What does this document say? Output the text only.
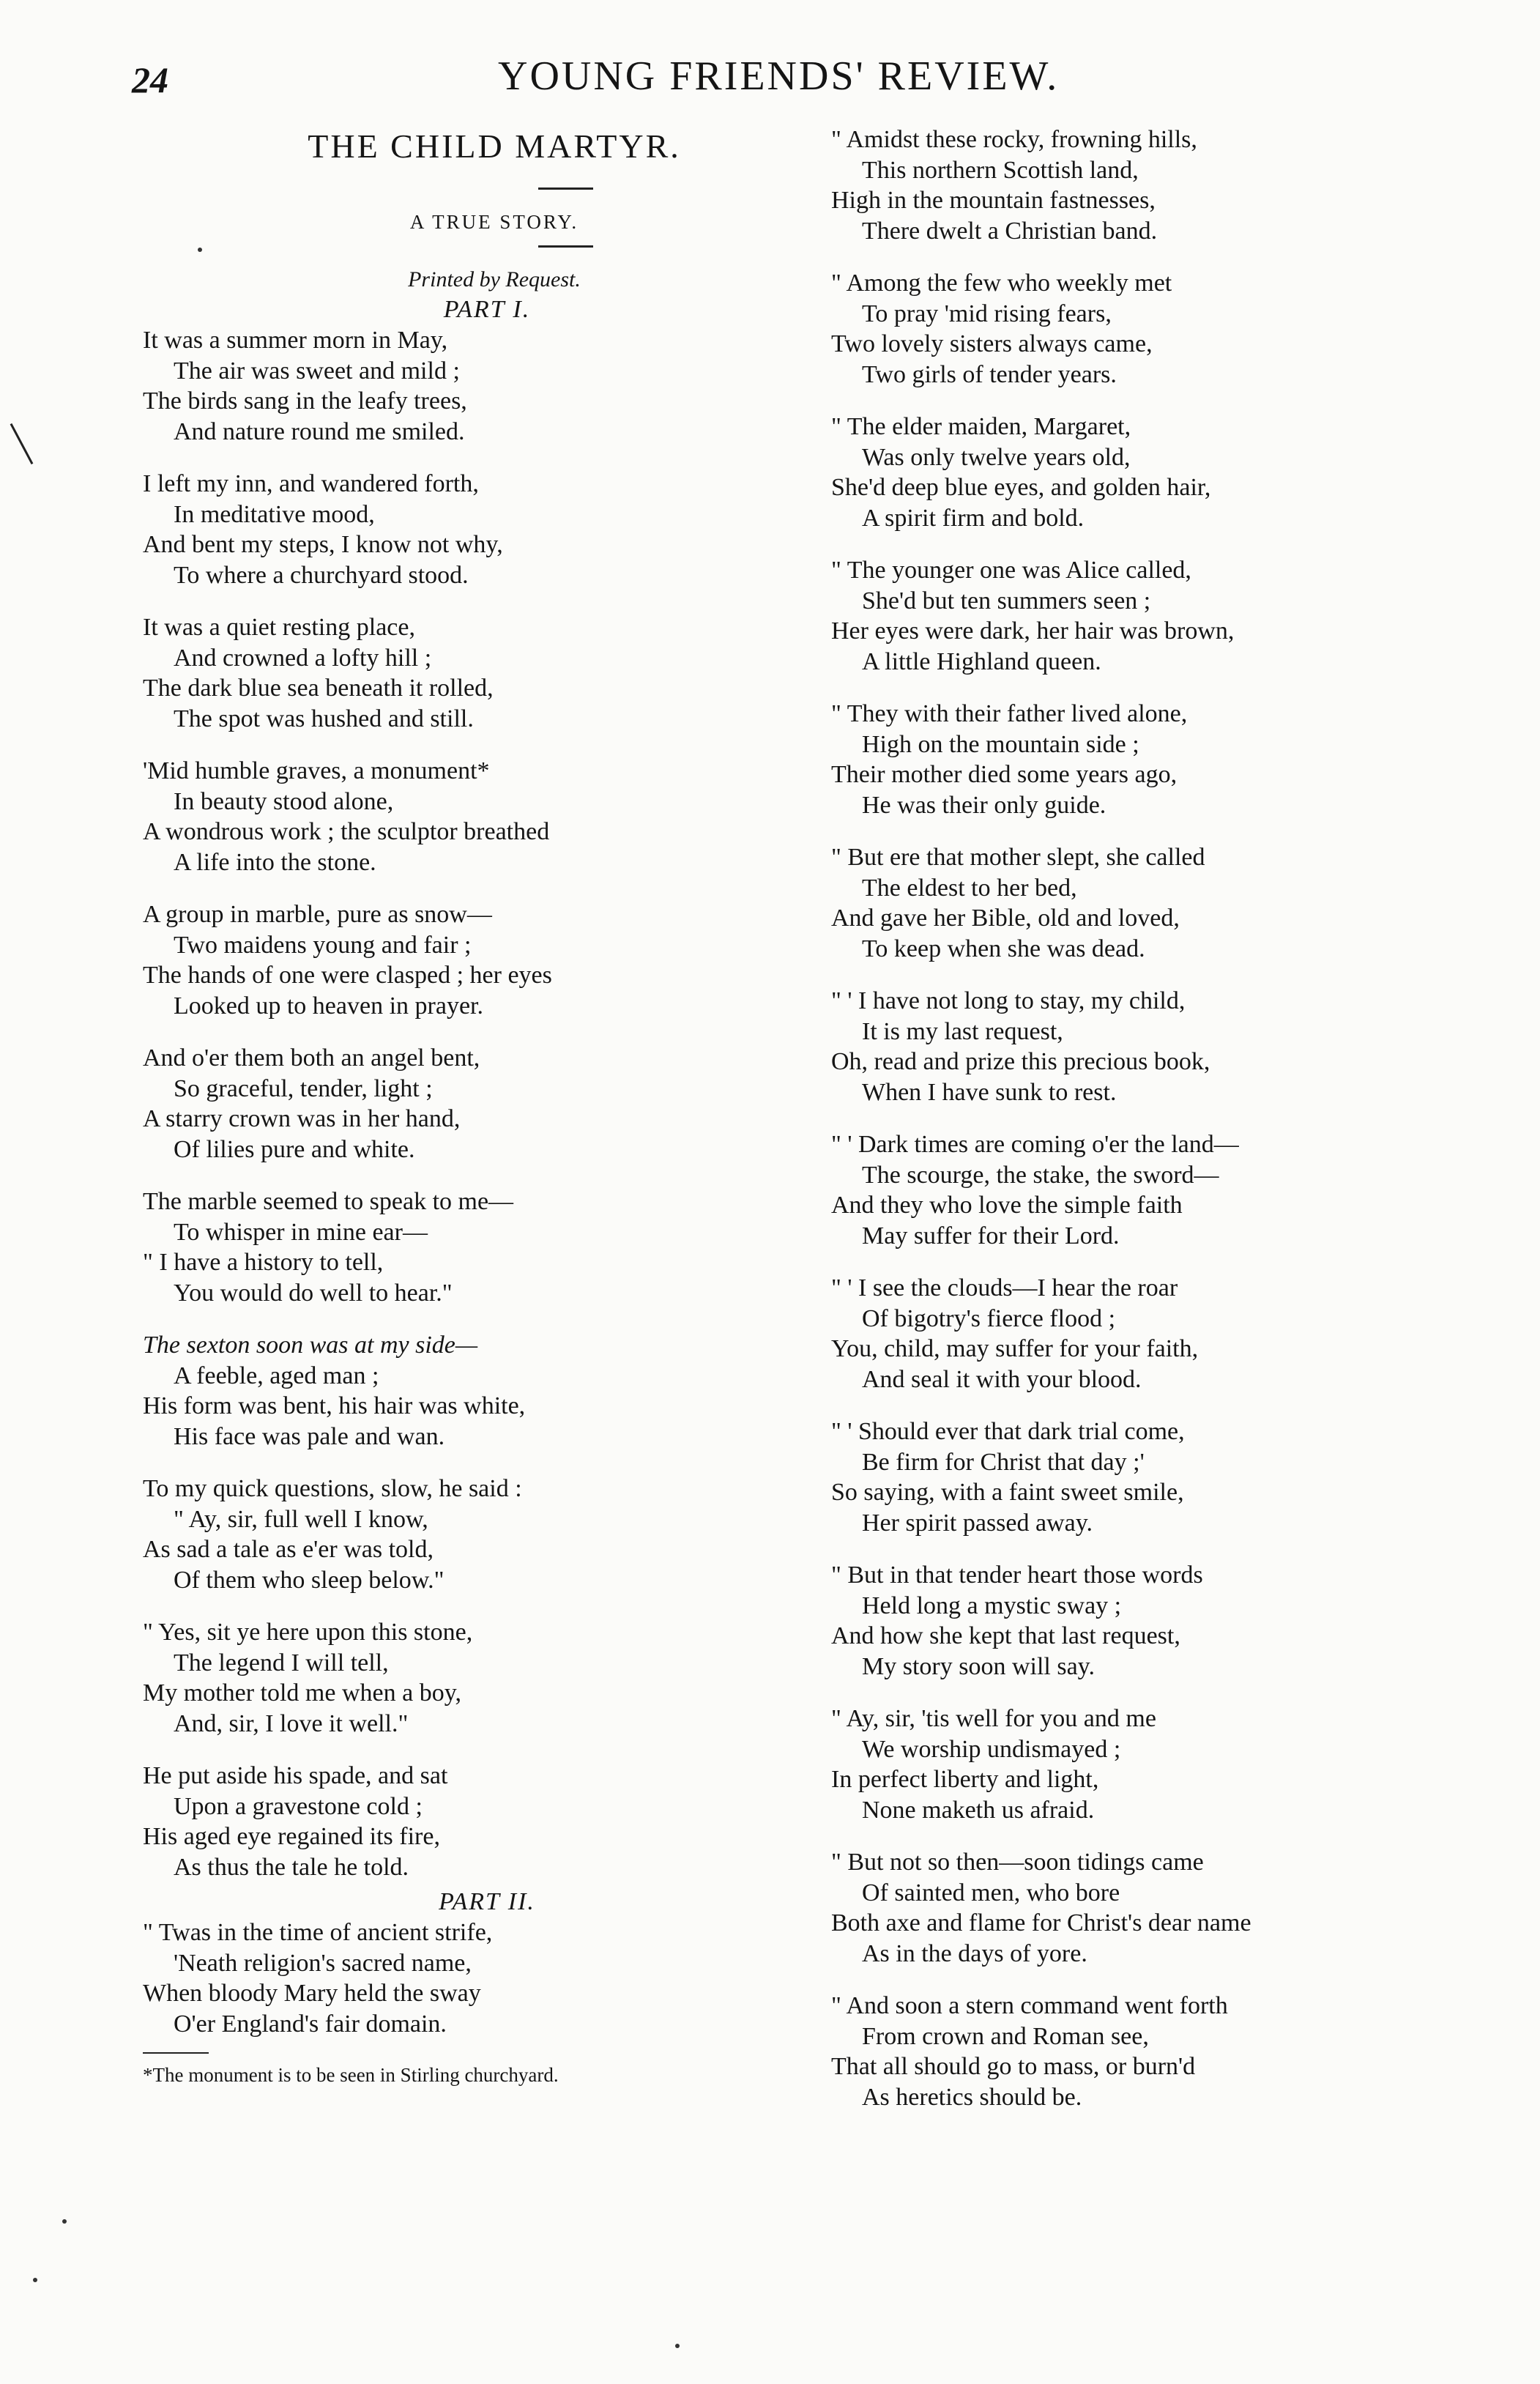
24	YOUNG FRIENDS' REVIEW.
THE CHILD MARTYR.
A TRUE STORY.
Printed by Request.
PART I.
It was a summer morn in May,
The air was sweet and mild ;
The birds sang in the leafy trees,
And nature round me smiled.
I left my inn, and wandered forth,
In meditative mood,
And bent my steps, I know not why,
To where a churchyard stood.
It was a quiet resting place,
And crowned a lofty hill ;
The dark blue sea beneath it rolled,
The spot was hushed and still.
'Mid humble graves, a monument*
In beauty stood alone,
A wondrous work ; the sculptor breathed
A life into the stone.
A group in marble, pure as snow—
Two maidens young and fair ;
The hands of one were clasped ; her eyes
Looked up to heaven in prayer.
And o'er them both an angel bent,
So graceful, tender, light ;
A starry crown was in her hand,
Of lilies pure and white.
The marble seemed to speak to me—
To whisper in mine ear—
" I have a history to tell,
You would do well to hear."
The sexton soon was at my side—
A feeble, aged man ;
His form was bent, his hair was white,
His face was pale and wan.
To my quick questions, slow, he said :
" Ay, sir, full well I know,
As sad a tale as e'er was told,
Of them who sleep below."
" Yes, sit ye here upon this stone,
The legend I will tell,
My mother told me when a boy,
And, sir, I love it well."
He put aside his spade, and sat
Upon a gravestone cold ;
His aged eye regained its fire,
As thus the tale he told.
PART II.
" Twas in the time of ancient strife,
'Neath religion's sacred name,
When bloody Mary held the sway
O'er England's fair domain.
*The monument is to be seen in Stirling churchyard.
" Amidst these rocky, frowning hills,
This northern Scottish land,
High in the mountain fastnesses,
There dwelt a Christian band.
" Among the few who weekly met
To pray 'mid rising fears,
Two lovely sisters always came,
Two girls of tender years.
" The elder maiden, Margaret,
Was only twelve years old,
She'd deep blue eyes, and golden hair,
A spirit firm and bold.
" The younger one was Alice called,
She'd but ten summers seen ;
Her eyes were dark, her hair was brown,
A little Highland queen.
" They with their father lived alone,
High on the mountain side ;
Their mother died some years ago,
He was their only guide.
" But ere that mother slept, she called
The eldest to her bed,
And gave her Bible, old and loved,
To keep when she was dead.
" ' I have not long to stay, my child,
It is my last request,
Oh, read and prize this precious book,
When I have sunk to rest.
" ' Dark times are coming o'er the land—
The scourge, the stake, the sword—
And they who love the simple faith
May suffer for their Lord.
" ' I see the clouds—I hear the roar
Of bigotry's fierce flood ;
You, child, may suffer for your faith,
And seal it with your blood.
" ' Should ever that dark trial come,
Be firm for Christ that day ;'
So saying, with a faint sweet smile,
Her spirit passed away.
" But in that tender heart those words
Held long a mystic sway ;
And how she kept that last request,
My story soon will say.
" Ay, sir, 'tis well for you and me
We worship undismayed ;
In perfect liberty and light,
None maketh us afraid.
" But not so then—soon tidings came
Of sainted men, who bore
Both axe and flame for Christ's dear name
As in the days of yore.
" And soon a stern command went forth
From crown and Roman see,
That all should go to mass, or burn'd
As heretics should be.
